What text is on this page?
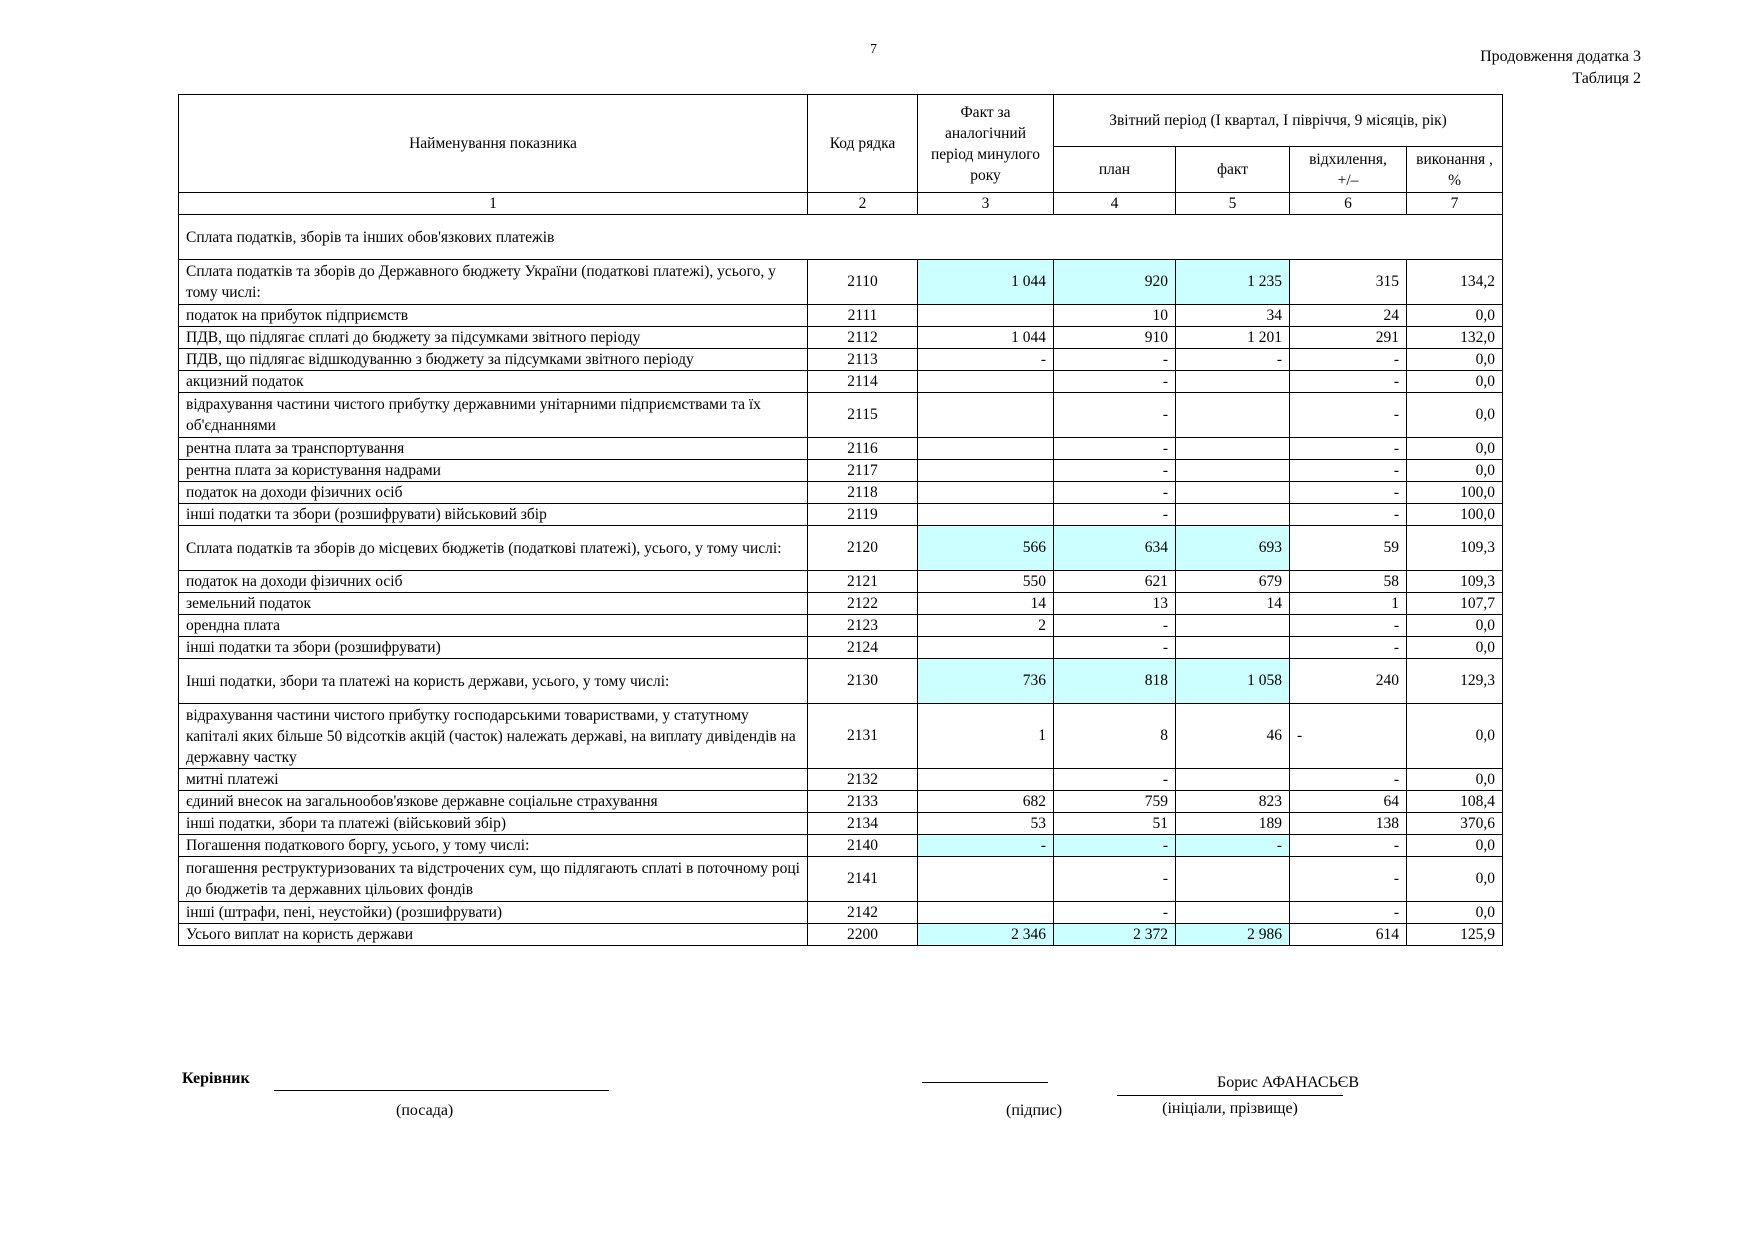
7	Продовження додатка 3
Таблиця 2
Найменування показника	Код рядка	Факт за аналогічний період минулого року	Звітний період (І квартал, І півріччя, 9 місяців, рік)			
			план	факт	відхилення, +/–	виконання , %
1	2	3	4	5	6	7
Сплата податків, зборів та інших обов'язкових платежів						
Сплата податків та зборів до Державного бюджету України (податкові платежі), усього, у тому числі:	2110	1 044	920	1 235	315	134,2
податок на прибуток підприємств	2111		10	34	24	0,0
ПДВ, що підлягає сплаті до бюджету за підсумками звітного періоду	2112	1 044	910	1 201	291	132,0
ПДВ, що підлягає відшкодуванню з бюджету за підсумками звітного періоду	2113	-	-	-	-	0,0
акцизний податок	2114		-		-	0,0
відрахування частини чистого прибутку державними унітарними підприємствами та їх об'єднаннями	2115		-		-	0,0
рентна плата за транспортування	2116		-		-	0,0
рентна плата за користування надрами	2117		-		-	0,0
податок на доходи фізичних осіб	2118		-		-	100,0
інші податки та збори (розшифрувати) військовий збір	2119		-		-	100,0
Сплата податків та зборів до місцевих бюджетів (податкові платежі), усього, у тому числі:	2120	566	634	693	59	109,3
податок на доходи фізичних осіб	2121	550	621	679	58	109,3
земельний податок	2122	14	13	14	1	107,7
орендна плата	2123	2	-		-	0,0
інші податки та збори (розшифрувати)	2124		-		-	0,0
Інші податки, збори та платежі на користь держави, усього, у тому числі:	2130	736	818	1 058	240	129,3
відрахування частини чистого прибутку господарськими товариствами, у статутному капіталі яких більше 50 відсотків акцій (часток) належать державі, на виплату дивідендів на державну частку	2131	1	8	46	-	0,0
митні платежі	2132		-		-	0,0
єдиний внесок на загальнообов'язкове державне соціальне страхування	2133	682	759	823	64	108,4
інші податки, збори та платежі (військовий збір)	2134	53	51	189	138	370,6
Погашення податкового боргу, усього, у тому числі:	2140	-	-	-	-	0,0
погашення реструктуризованих та відстрочених сум, що підлягають сплаті в поточному році до бюджетів та державних цільових фондів	2141		-		-	0,0
інші (штрафи, пені, неустойки) (розшифрувати)	2142		-		-	0,0
Усього виплат на користь держави	2200	2 346	2 372	2 986	614	125,9
Керівник
(посада)	(підпис)
Борис АФАНАСЬЄВ
(ініціали, прізвище)
